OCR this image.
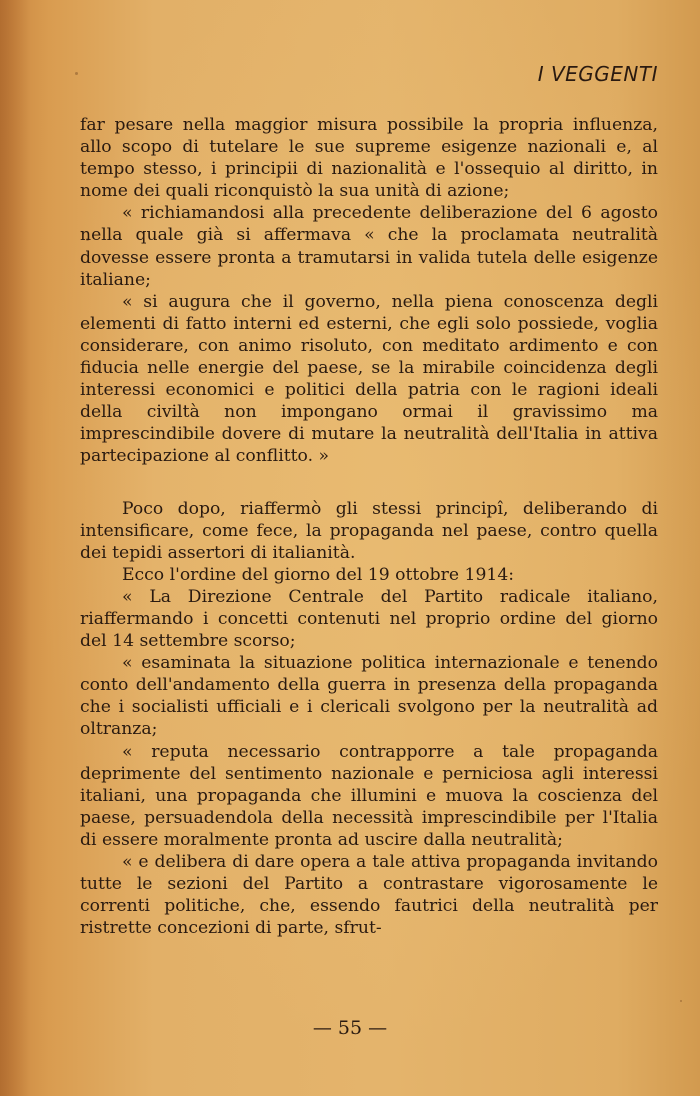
I VEGGENTI

far pesare nella maggior misura possibile la propria influenza, allo scopo di tutelare le sue supreme esigenze nazionali e, al tempo stesso, i principii di nazionalità e l'ossequio al diritto, in nome dei quali riconquistò la sua unità di azione;

« richiamandosi alla precedente deliberazione del 6 agosto nella quale già si affermava « che la proclamata neutralità dovesse essere pronta a tramutarsi in valida tutela delle esigenze italiane;

« si augura che il governo, nella piena conoscenza degli elementi di fatto interni ed esterni, che egli solo possiede, voglia considerare, con animo risoluto, con meditato ardimento e con fiducia nelle energie del paese, se la mirabile coincidenza degli interessi economici e politici della patria con le ragioni ideali della civiltà non impongano ormai il gravissimo ma imprescindibile dovere di mutare la neutralità dell'Italia in attiva partecipazione al conflitto. »

Poco dopo, riaffermò gli stessi principî, deliberando di intensificare, come fece, la propaganda nel paese, contro quella dei tepidi assertori di italianità.

Ecco l'ordine del giorno del 19 ottobre 1914:

« La Direzione Centrale del Partito radicale italiano, riaffermando i concetti contenuti nel proprio ordine del giorno del 14 settembre scorso;

« esaminata la situazione politica internazionale e tenendo conto dell'andamento della guerra in presenza della propaganda che i socialisti ufficiali e i clericali svolgono per la neutralità ad oltranza;

« reputa necessario contrapporre a tale propaganda deprimente del sentimento nazionale e perniciosa agli interessi italiani, una propaganda che illumini e muova la coscienza del paese, persuadendola della necessità imprescindibile per l'Italia di essere moralmente pronta ad uscire dalla neutralità;

« e delibera di dare opera a tale attiva propaganda invitando tutte le sezioni del Partito a contrastare vigorosamente le correnti politiche, che, essendo fautrici della neutralità per ristrette concezioni di parte, sfrut-

— 55 —
